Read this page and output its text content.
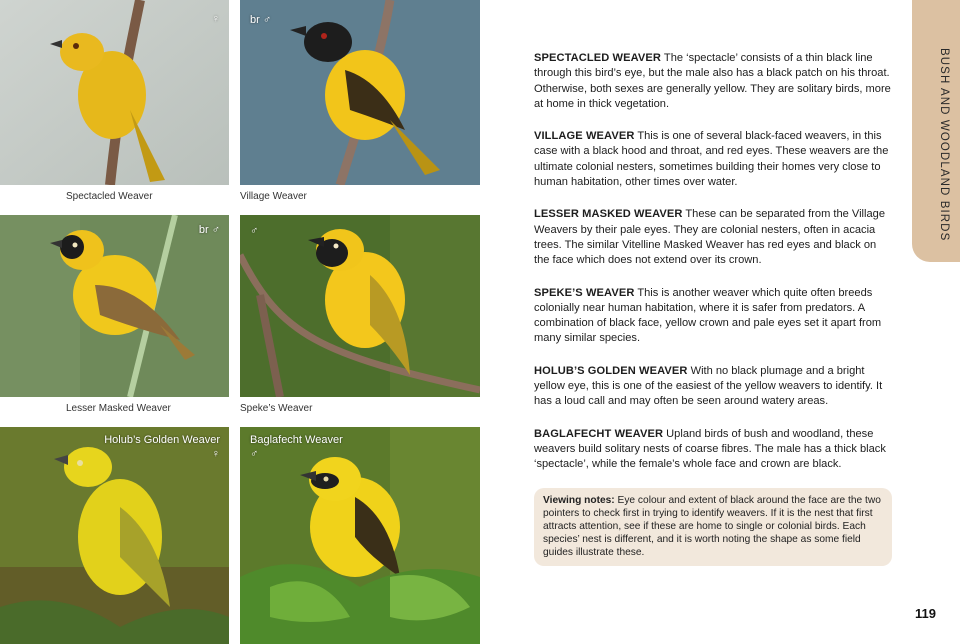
♀	br ♂
Spectacled Weaver	Village Weaver
br ♂	♂
Lesser Masked Weaver	Speke’s Weaver
Holub’s Golden Weaver
♀
Baglafecht Weaver
♂

SPECTACLED WEAVER The ‘spectacle’ consists of a thin black line through this bird’s eye, but the male also has a black patch on his throat. Otherwise, both sexes are generally yellow. They are solitary birds, more at home in thick vegetation.

VILLAGE WEAVER This is one of several black-faced weavers, in this case with a black hood and throat, and red eyes. These weavers are the ultimate colonial nesters, sometimes building their homes very close to human habitation, other times over water.

LESSER MASKED WEAVER These can be separated from the Village Weavers by their pale eyes. They are colonial nesters, often in acacia trees. The similar Vitelline Masked Weaver has red eyes and black on the face which does not extend over its crown.

SPEKE’S WEAVER This is another weaver which quite often breeds colonially near human habitation, where it is safer from predators. A combination of black face, yellow crown and pale eyes set it apart from many similar species.

HOLUB’S GOLDEN WEAVER With no black plumage and a bright yellow eye, this is one of the easiest of the yellow weavers to identify. It has a loud call and may often be seen around watery areas.

BAGLAFECHT WEAVER Upland birds of bush and woodland, these weavers build solitary nests of coarse fibres. The male has a thick black ‘spectacle’, while the female’s whole face and crown are black.

Viewing notes: Eye colour and extent of black around the face are the two pointers to check first in trying to identify weavers. If it is the nest that first attracts attention, see if these are home to single or colonial birds. Each species’ nest is different, and it is worth noting the shape as some field guides illustrate these.
BUSH AND WOODLAND BIRDS
119
